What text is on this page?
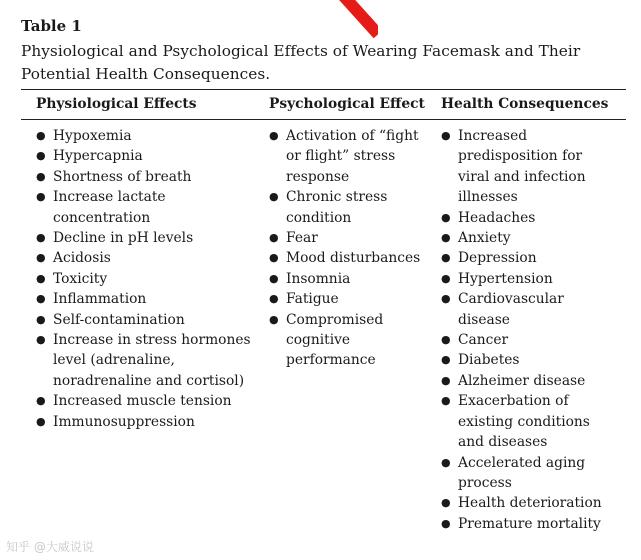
Table 1

Physiological and Psychological Effects of Wearing Facemask and Their Potential Health Consequences.

Physiological Effects	Psychological Effect Health Consequences
● Hypoxemia
● Hypercapnia
● Shortness of breath
● Increase lactate concentration
● Decline in pH levels
● Acidosis
● Toxicity
● Inflammation
● Self-contamination
● Increase in stress hormones level (adrenaline, noradrenaline and cortisol)
● Increased muscle tension
● Immunosuppression
● Activation of “fight or flight” stress response
● Chronic stress condition
● Fear
● Mood disturbances
● Insomnia
● Fatigue
● Compromised cognitive performance
● Increased predisposition for viral and infection illnesses
● Headaches
● Anxiety
● Depression
● Hypertension
● Cardiovascular disease
● Cancer
● Diabetes
● Alzheimer disease
● Exacerbation of existing conditions and diseases
● Accelerated aging process
● Health deterioration
● Premature mortality
知乎 @大威说说
